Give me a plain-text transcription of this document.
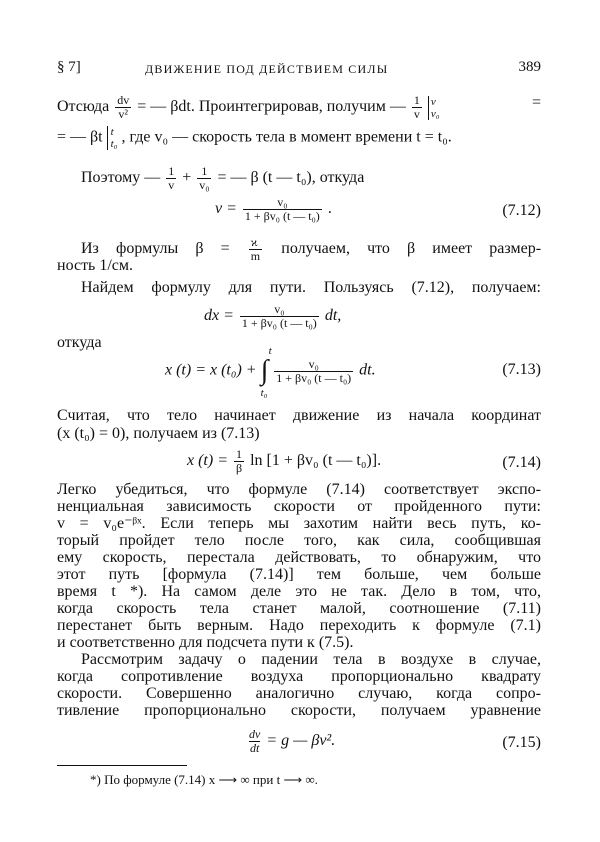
§ 7]	ДВИЖЕНИЕ ПОД ДЕЙСТВИЕМ СИЛЫ	389
Отсюда $\frac{dv}{\text{v²}}$ = — βdt. Проинтегрировав, получим — $\frac{1}{v}$
v
v₀
=
= — βt t
t₀ , где v₀ — скорость тела в момент времени t = t₀.
Поэтому — $\frac{1}{v} + \frac{1}{\text{v₀}}$ = — β (t — t₀), откуда
$v = \frac{\text{v₀}}{\text{1 + βv₀ (t — t₀)}}$ .	(7.12)
Из формулы $\beta = \frac{ϰ}{m}$ получаем, что β имеет размер-
ность 1/см.
Найдем формулу для пути. Пользуясь (7.12), получаем:
dx = $\frac{\text{v₀}}{\text{1 + βv₀ (t — t₀)}}$ dt,
откуда
x (t) = x (t₀) + ∫
t
t₀

$\frac{\text{v₀}}{\text{1 + βv₀ (t — t₀)}}$ dt.	(7.13)
Считая, что тело начинает движение из начала координат
(x (t₀) = 0), получаем из (7.13)
x $(t) = \frac{1}{\beta}$ ln [1 + βv₀ (t — t₀)].	(7.14)
Легко убедиться, что формуле (7.14) соответствует экспо-
ненциальная зависимость скорости от пройденного пути:
v = v₀e⁻ᵝˣ. Если теперь мы захотим найти весь путь, ко-
торый пройдет тело после того, как сила, сообщившая
ему скорость, перестала действовать, то обнаружим, что
этот путь [формула (7.14)] тем больше, чем больше
время t *). На самом деле это не так. Дело в том, что,
когда скорость тела станет малой, соотношение (7.11)
перестанет быть верным. Надо переходить к формуле (7.1)
и соответственно для подсчета пути к (7.5).
Рассмотрим задачу о падении тела в воздухе в случае,
когда сопротивление воздуха пропорционально квадрату
скорости. Совершенно аналогично случаю, когда сопро-
тивление пропорционально скорости, получаем уравнение
$\frac{dv}{dt} = g$ — βv².	(7.15)
*) По формуле (7.14) x ⟶ ∞ при t ⟶ ∞.
